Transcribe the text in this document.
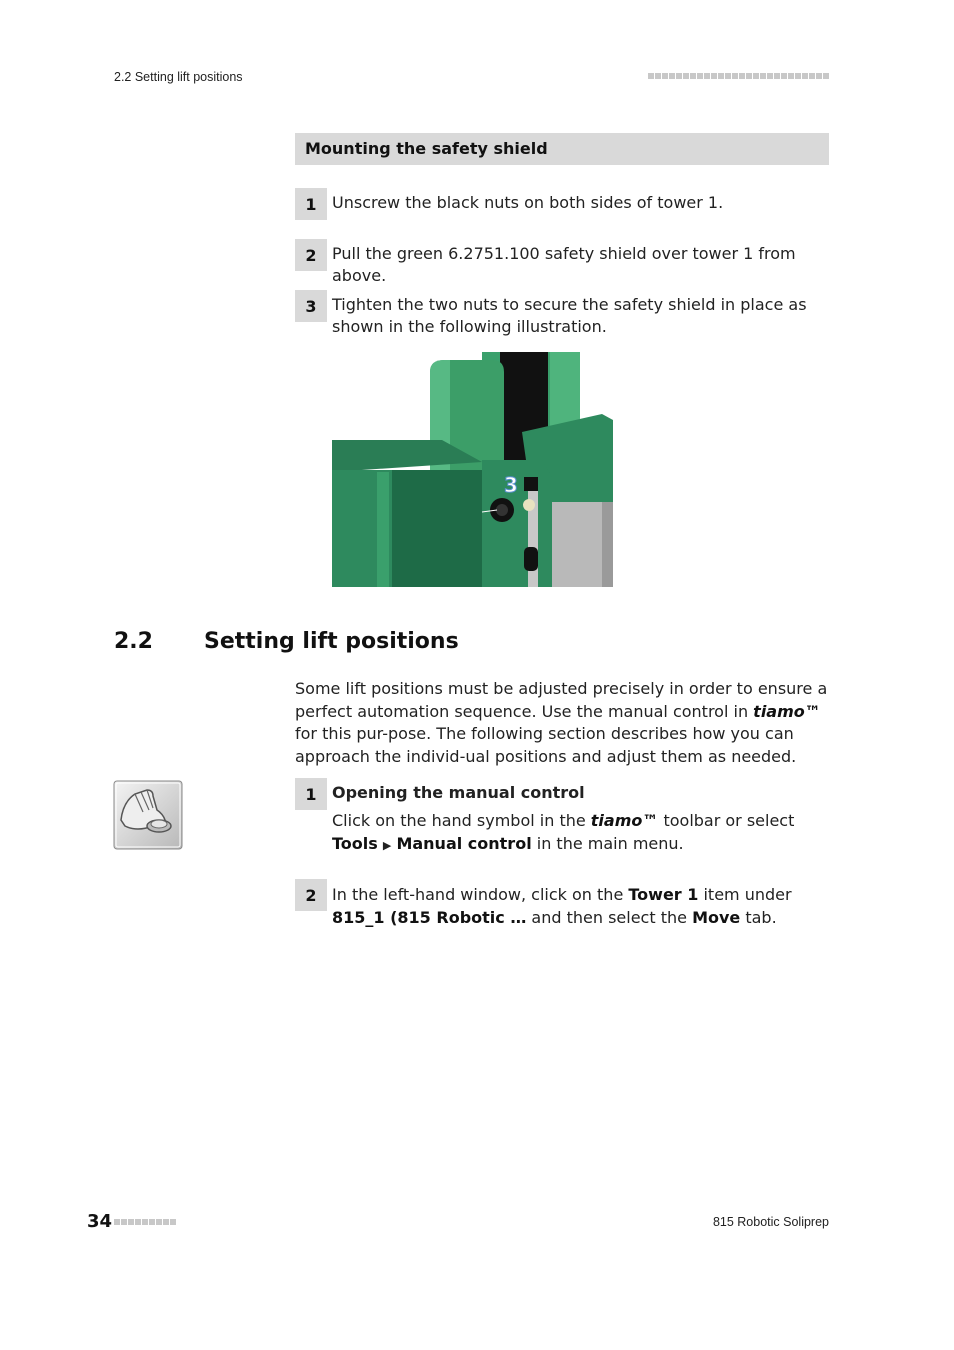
2.2 Setting lift positions
Mounting the safety shield
1 Unscrew the black nuts on both sides of tower 1.
2 Pull the green 6.2751.100 safety shield over tower 1 from above.
3 Tighten the two nuts to secure the safety shield in place as shown in the following illustration.
3
2.2 Setting lift positions
Some lift positions must be adjusted precisely in order to ensure a perfect automation sequence. Use the manual control in tiamo™ for this pur-pose. The following section describes how you can approach the individ-ual positions and adjust them as needed.
1 Opening the manual control
Click on the hand symbol in the tiamo™ toolbar or select
Tools ▶ Manual control in the main menu.
2 In the left-hand window, click on the Tower 1 item under 815_1 (815 Robotic … and then select the Move tab.
34	815 Robotic Soliprep
